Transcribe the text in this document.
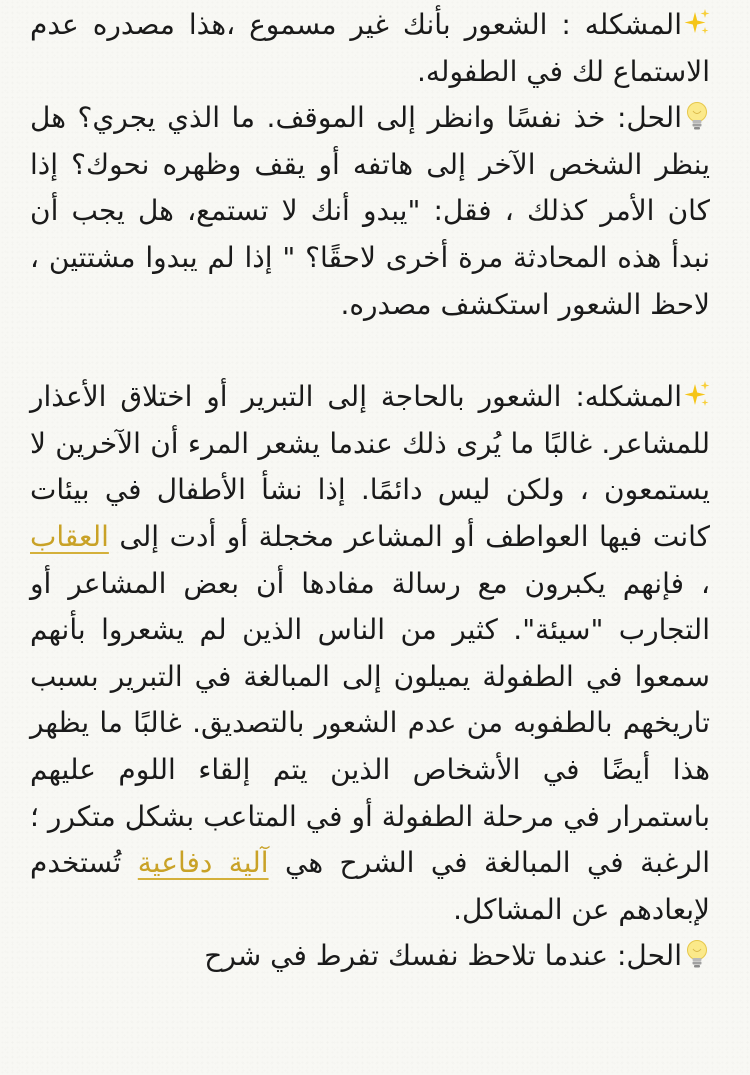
المشكله : الشعور بأنك غير مسموع ،هذا مصدره عدم الاستماع لك في الطفوله.

الحل: خذ نفسًا وانظر إلى الموقف. ما الذي يجري؟ هل ينظر الشخص الآخر إلى هاتفه أو يقف وظهره نحوك؟ إذا كان الأمر كذلك ، فقل: "يبدو أنك لا تستمع، هل يجب أن نبدأ هذه المحادثة مرة أخرى لاحقًا؟ " إذا لم يبدوا مشتتين ، لاحظ الشعور استكشف مصدره.

المشكله: الشعور بالحاجة إلى التبرير أو اختلاق الأعذار للمشاعر. غالبًا ما يُرى ذلك عندما يشعر المرء أن الآخرين لا يستمعون ، ولكن ليس دائمًا. إذا نشأ الأطفال في بيئات كانت فيها العواطف أو المشاعر مخجلة أو أدت إلى العقاب ، فإنهم يكبرون مع رسالة مفادها أن بعض المشاعر أو التجارب "سيئة". كثير من الناس الذين لم يشعروا بأنهم سمعوا في الطفولة يميلون إلى المبالغة في التبرير بسبب تاريخهم بالطفوبه من عدم الشعور بالتصديق. غالبًا ما يظهر هذا أيضًا في الأشخاص الذين يتم إلقاء اللوم عليهم باستمرار في مرحلة الطفولة أو في المتاعب بشكل متكرر ؛ الرغبة في المبالغة في الشرح هي آلية دفاعية تُستخدم لإبعادهم عن المشاكل.

الحل: عندما تلاحظ نفسك تفرط في شرح
